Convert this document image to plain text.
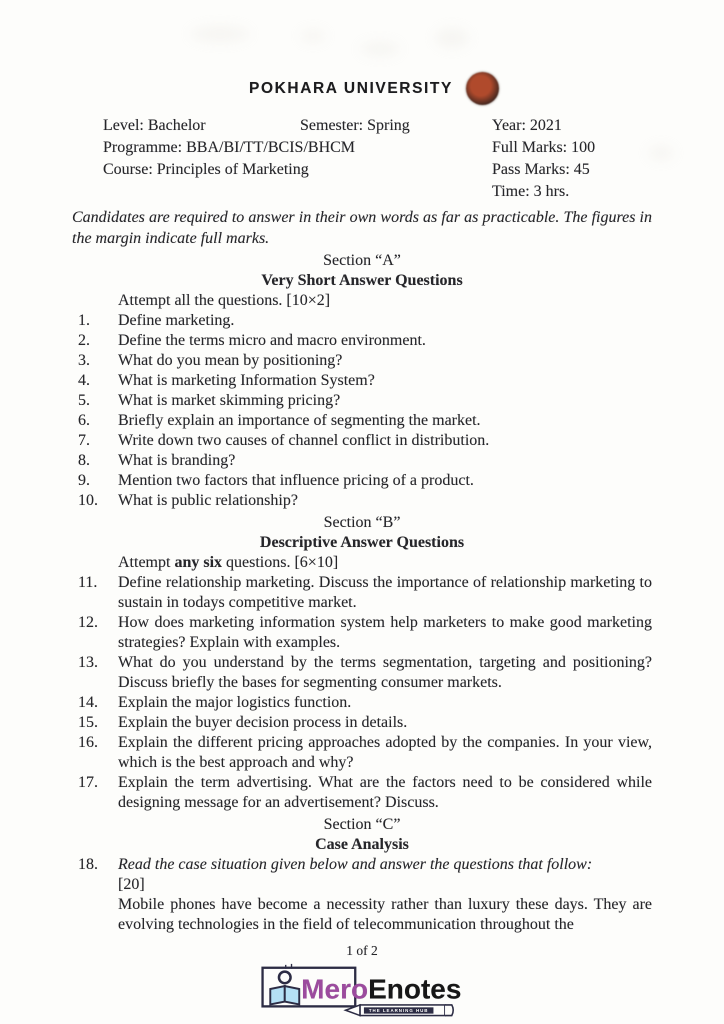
POKHARA UNIVERSITY
Level: Bachelor	Semester: Spring	Year: 2021
Programme: BBA/BI/TT/BCIS/BHCM	Full Marks: 100
Course: Principles of Marketing	Pass Marks: 45
Time: 3 hrs.
Candidates are required to answer in their own words as far as practicable. The figures in the margin indicate full marks.
Section “A”
Very Short Answer Questions
Attempt all the questions. [10×2]
1.	Define marketing.
2.	Define the terms micro and macro environment.
3.	What do you mean by positioning?
4.	What is marketing Information System?
5.	What is market skimming pricing?
6.	Briefly explain an importance of segmenting the market.
7.	Write down two causes of channel conflict in distribution.
8.	What is branding?
9.	Mention two factors that influence pricing of a product.
10.	What is public relationship?
Section “B”
Descriptive Answer Questions
Attempt any six questions. [6×10]
11.	Define relationship marketing. Discuss the importance of relationship marketing to sustain in todays competitive market.
12.	How does marketing information system help marketers to make good marketing strategies? Explain with examples.
13.	What do you understand by the terms segmentation, targeting and positioning? Discuss briefly the bases for segmenting consumer markets.
14.	Explain the major logistics function.
15.	Explain the buyer decision process in details.
16.	Explain the different pricing approaches adopted by the companies. In your view, which is the best approach and why?
17.	Explain the term advertising. What are the factors need to be considered while designing message for an advertisement? Discuss.
Section “C”
Case Analysis
18.	Read the case situation given below and answer the questions that follow:
[20]
Mobile phones have become a necessity rather than luxury these days. They are evolving technologies in the field of telecommunication throughout the
1 of 2
MeroEnotes
THE LEARNING HUB
